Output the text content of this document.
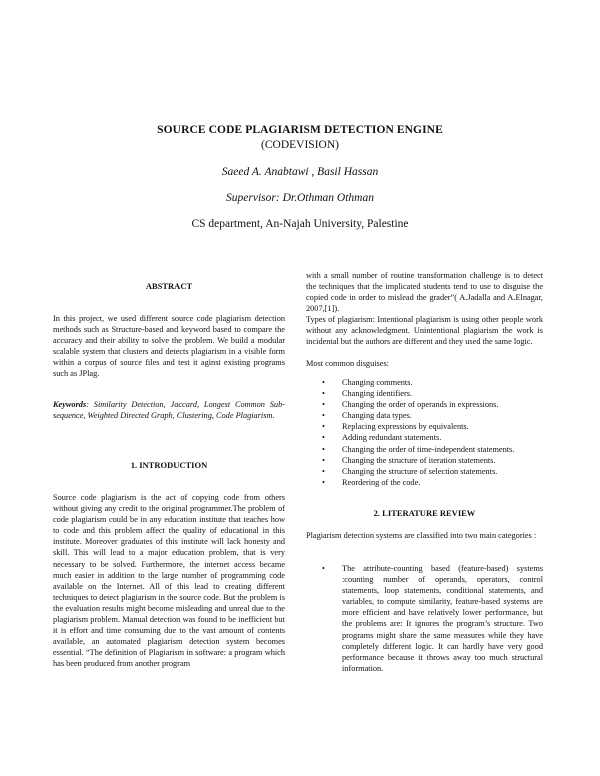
SOURCE CODE PLAGIARISM DETECTION ENGINE
(CODEVISION)
Saeed A. Anabtawi , Basil Hassan
Supervisor: Dr.Othman Othman
CS department, An-Najah University, Palestine
ABSTRACT

In this project, we used different source code plagiarism detection methods such as Structure-based and keyword based to compare the accuracy and their ability to solve the problem. We build a modular scalable system that clusters and detects plagiarism in a visible form within a corpus of source files and test it aginst existing programs such as JPlag.

Keywords: Similarity Detection, Jaccard, Longest Common Sub-sequence, Weighted Directed Graph, Clustering, Code Plagiarism.

1. INTRODUCTION

Source code plagiarism is the act of copying code from others without giving any credit to the original programmer.The problem of code plagiarism could be in any education institute that teaches how to code and this problem affect the quality of educational in this institute. Moreover graduates of this institute will lack honesty and skill. This will lead to a major education problem, that is very necessary to be solved. Furthermore, the internet access became much easier in addition to the large number of programming code available on the Internet. All of this lead to creating different techniques to detect plagiarism in the source code. But the problem is the evaluation results might become misleading and unreal due to the plagiarism problem. Manual detection was found to be inefficient but it is effort and time consuming due to the vast amount of contents available, an automated plagiarism detection system becomes essential. “The definition of Plagiarism in software: a program which has been produced from another program

with a small number of routine transformation challenge is to detect the techniques that the implicated students tend to use to disguise the copied code in order to mislead the grader”( A.Jadalla and A.Elnagar, 2007,[1]).

Types of plagiarism: Intentional plagiarism is using other people work without any acknowledgment. Unintentional plagiarism the work is incidental but the authors are different and they used the same logic.

Most common disguises:

• Changing comments.
• Changing identifiers.
• Changing the order of operands in expressions.
• Changing data types.
• Replacing expressions by equivalents.
• Adding redundant statements.
• Changing the order of time-independent statements.
• Changing the structure of iteration statements.
• Changing the structure of selection statements.
• Reordering of the code.
2. LITERATURE REVIEW

Plagiarism detection systems are classified into two main categories :

• The attribute-counting based (feature-based) systems :counting number of operands, operators, control statements, loop statements, conditional statements, and variables, to compute similarity, feature-based systems are more efficient and have relatively lower performance, but the problems are: It ignores the program’s structure. Two programs might share the same measures while they have completely different logic. It can hardly have very good performance because it throws away too much structural information.
